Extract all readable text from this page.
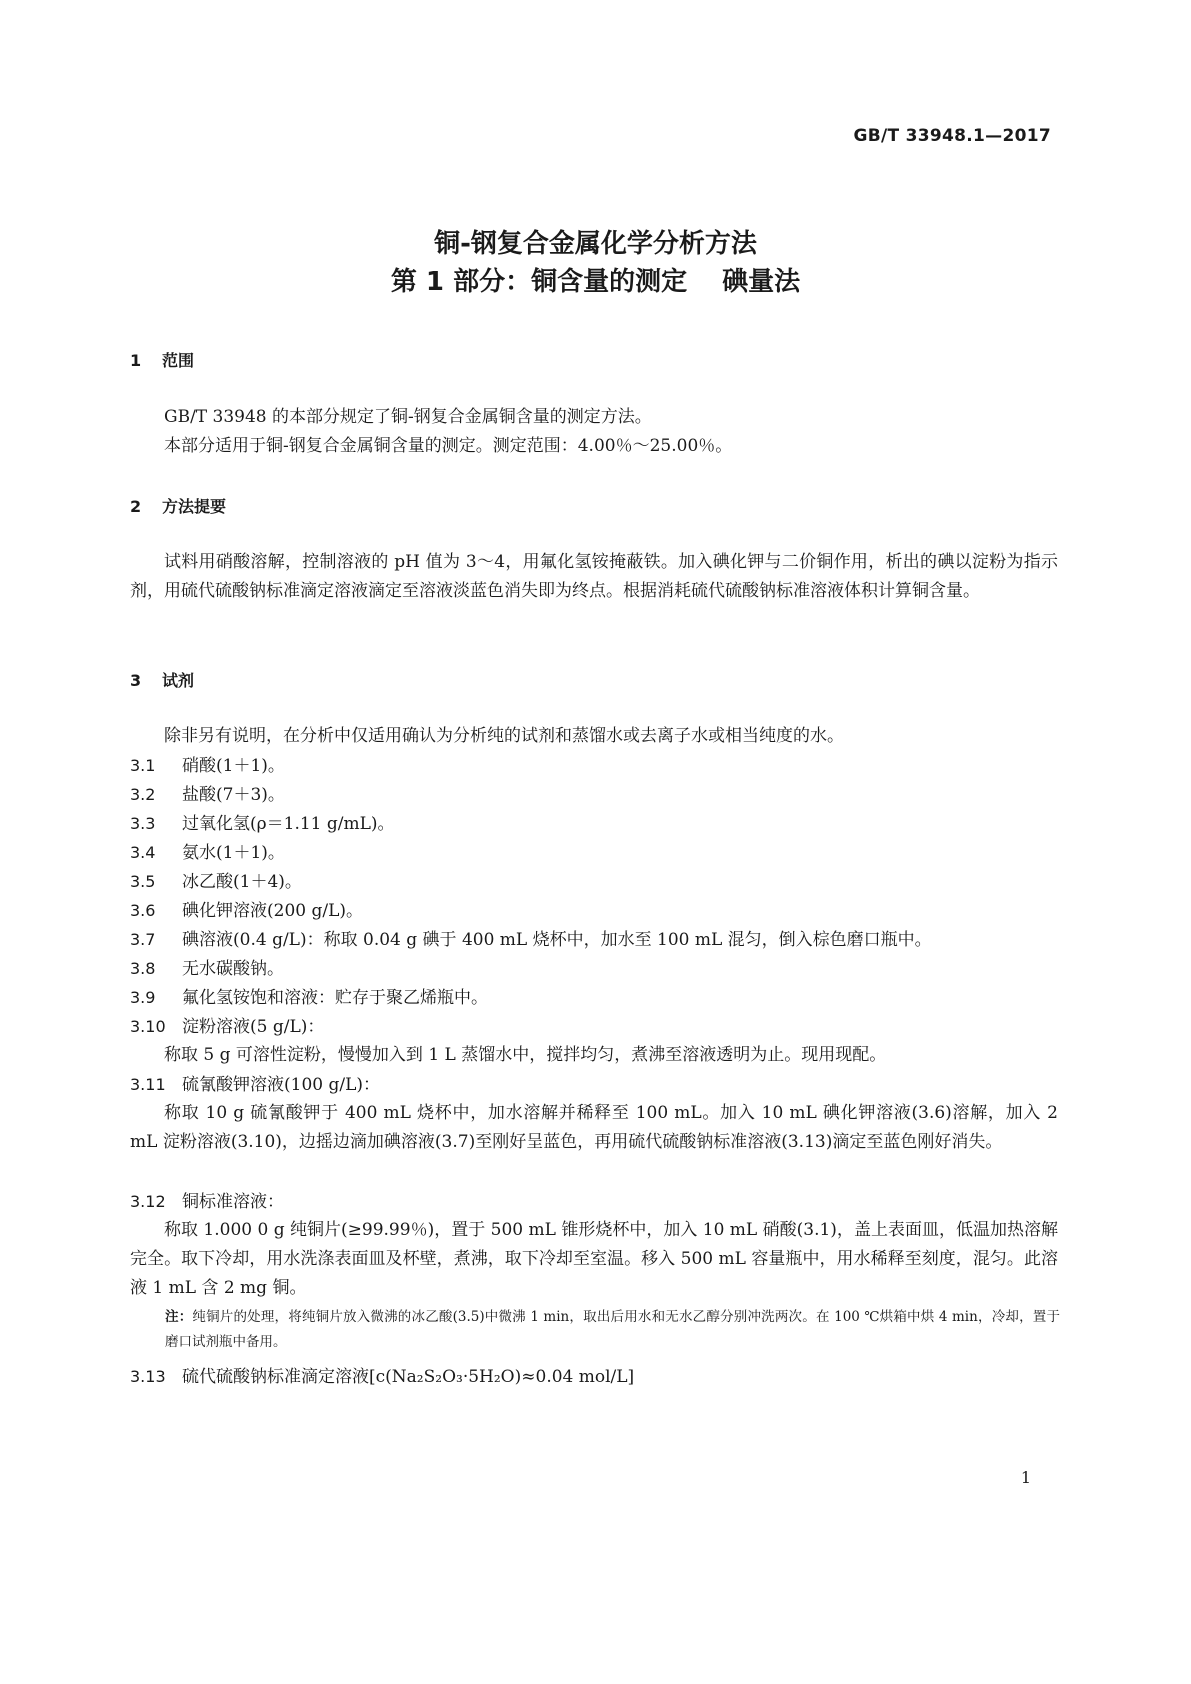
GB/T 33948.1—2017
铜-钢复合金属化学分析方法
第 1 部分：铜含量的测定　 碘量法
1 范围
GB/T 33948 的本部分规定了铜-钢复合金属铜含量的测定方法。
本部分适用于铜-钢复合金属铜含量的测定。测定范围：4.00％～25.00％。
2 方法提要
试料用硝酸溶解，控制溶液的 pH 值为 3～4，用氟化氢铵掩蔽铁。加入碘化钾与二价铜作用，析出的碘以淀粉为指示剂，用硫代硫酸钠标准滴定溶液滴定至溶液淡蓝色消失即为终点。根据消耗硫代硫酸钠标准溶液体积计算铜含量。
3 试剂
除非另有说明，在分析中仅适用确认为分析纯的试剂和蒸馏水或去离子水或相当纯度的水。
3.1 硝酸(1＋1)。
3.2 盐酸(7＋3)。
3.3 过氧化氢(ρ＝1.11 g/mL)。
3.4 氨水(1＋1)。
3.5 冰乙酸(1＋4)。
3.6 碘化钾溶液(200 g/L)。
3.7 碘溶液(0.4 g/L)：称取 0.04 g 碘于 400 mL 烧杯中，加水至 100 mL 混匀，倒入棕色磨口瓶中。
3.8 无水碳酸钠。
3.9 氟化氢铵饱和溶液：贮存于聚乙烯瓶中。
3.10 淀粉溶液(5 g/L)：
称取 5 g 可溶性淀粉，慢慢加入到 1 L 蒸馏水中，搅拌均匀，煮沸至溶液透明为止。现用现配。
3.11 硫氰酸钾溶液(100 g/L)：
称取 10 g 硫氰酸钾于 400 mL 烧杯中，加水溶解并稀释至 100 mL。加入 10 mL 碘化钾溶液(3.6)溶解，加入 2 mL 淀粉溶液(3.10)，边摇边滴加碘溶液(3.7)至刚好呈蓝色，再用硫代硫酸钠标准溶液(3.13)滴定至蓝色刚好消失。
3.12 铜标准溶液：
称取 1.000 0 g 纯铜片(≥99.99％)，置于 500 mL 锥形烧杯中，加入 10 mL 硝酸(3.1)，盖上表面皿，低温加热溶解完全。取下冷却，用水洗涤表面皿及杯壁，煮沸，取下冷却至室温。移入 500 mL 容量瓶中，用水稀释至刻度，混匀。此溶液 1 mL 含 2 mg 铜。
注：纯铜片的处理，将纯铜片放入微沸的冰乙酸(3.5)中微沸 1 min，取出后用水和无水乙醇分别冲洗两次。在 100 ℃烘箱中烘 4 min，冷却，置于磨口试剂瓶中备用。
3.13 硫代硫酸钠标准滴定溶液[c(Na₂S₂O₃·5H₂O)≈0.04 mol/L]
1
